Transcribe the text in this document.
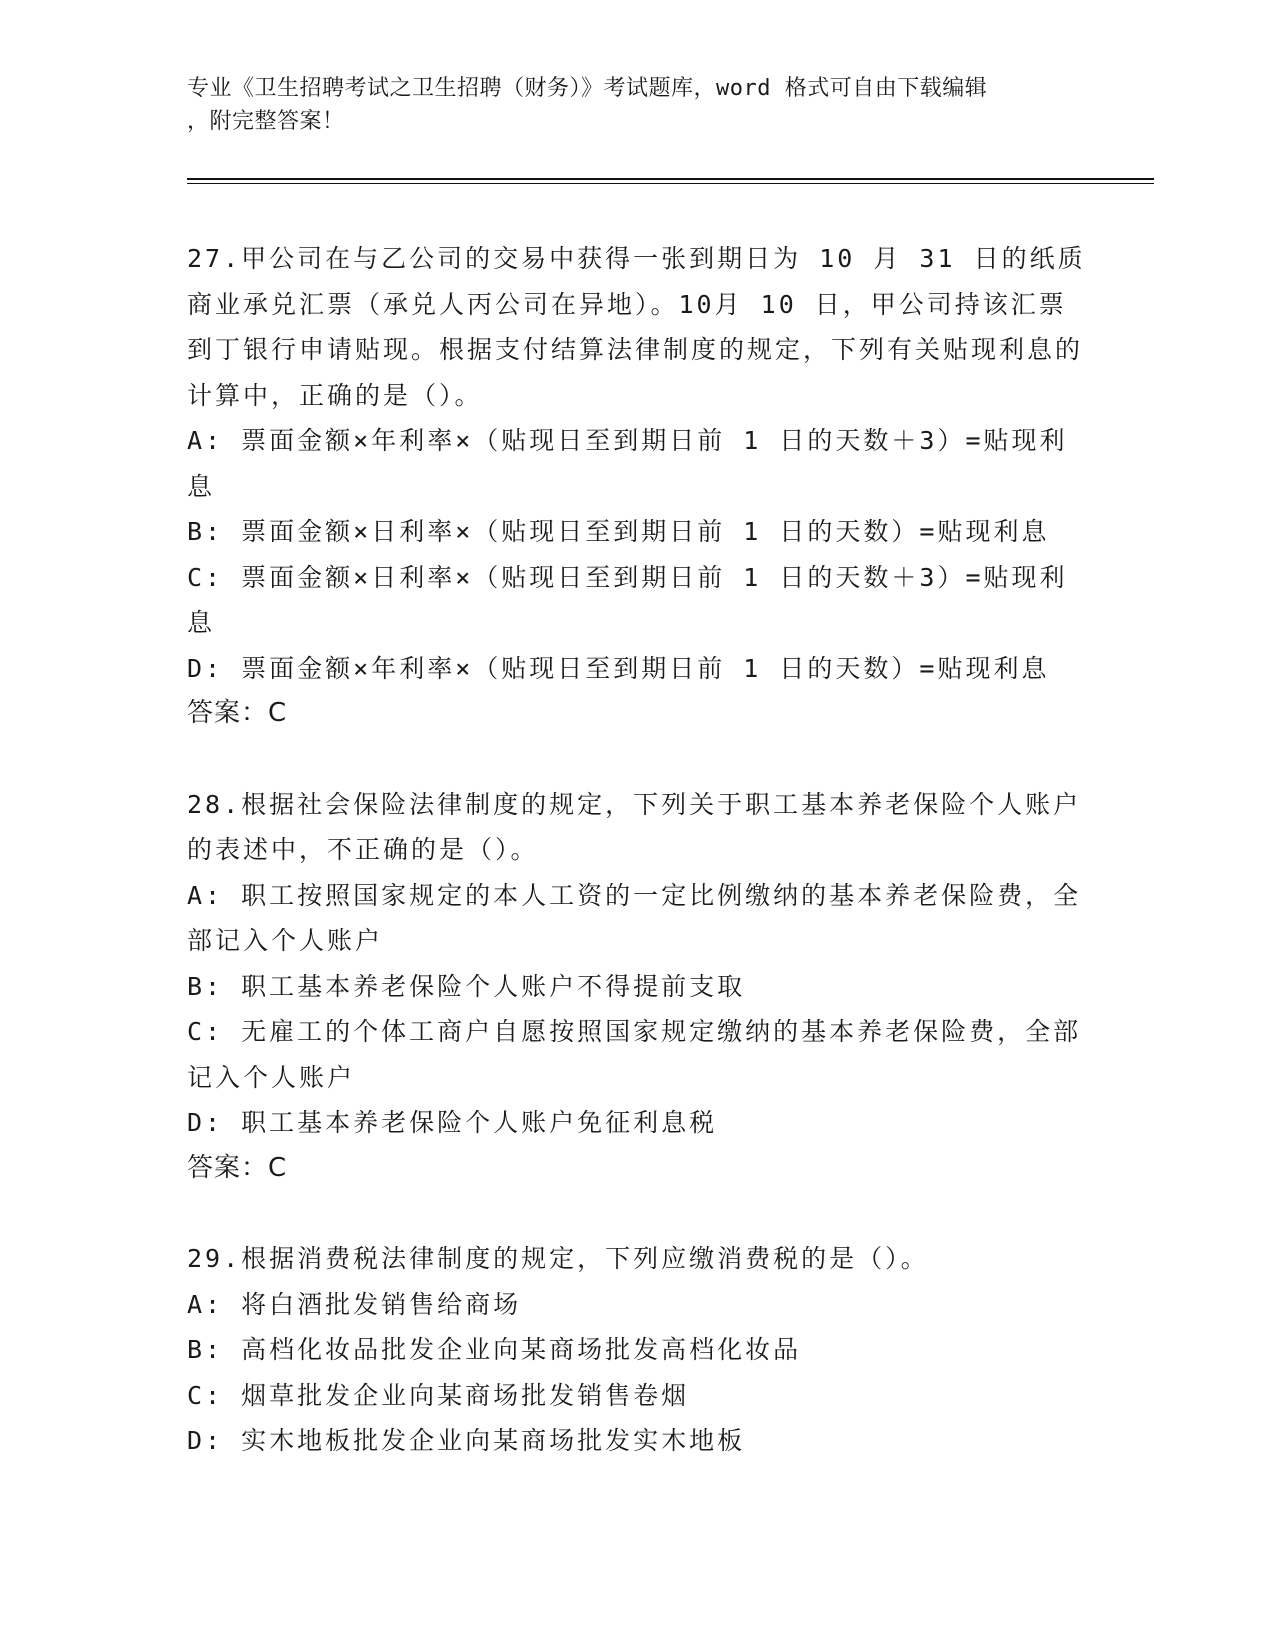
专业《卫生招聘考试之卫生招聘（财务）》考试题库，word 格式可自由下载编辑
，附完整答案！

27.甲公司在与乙公司的交易中获得一张到期日为 10 月 31 日的纸质商业承兑汇票（承兑人丙公司在异地）。10月 10 日，甲公司持该汇票到丁银行申请贴现。根据支付结算法律制度的规定，下列有关贴现利息的计算中，正确的是（）。

A: 票面金额×年利率×（贴现日至到期日前 1 日的天数＋3）=贴现利息

B: 票面金额×日利率×（贴现日至到期日前 1 日的天数）=贴现利息

C: 票面金额×日利率×（贴现日至到期日前 1 日的天数＋3）=贴现利息

D: 票面金额×年利率×（贴现日至到期日前 1 日的天数）=贴现利息

答案：C

28.根据社会保险法律制度的规定，下列关于职工基本养老保险个人账户的表述中，不正确的是（）。

A: 职工按照国家规定的本人工资的一定比例缴纳的基本养老保险费，全部记入个人账户

B: 职工基本养老保险个人账户不得提前支取

C: 无雇工的个体工商户自愿按照国家规定缴纳的基本养老保险费，全部记入个人账户

D: 职工基本养老保险个人账户免征利息税

答案：C

29.根据消费税法律制度的规定，下列应缴消费税的是（）。

A: 将白酒批发销售给商场

B: 高档化妆品批发企业向某商场批发高档化妆品

C: 烟草批发企业向某商场批发销售卷烟

D: 实木地板批发企业向某商场批发实木地板
